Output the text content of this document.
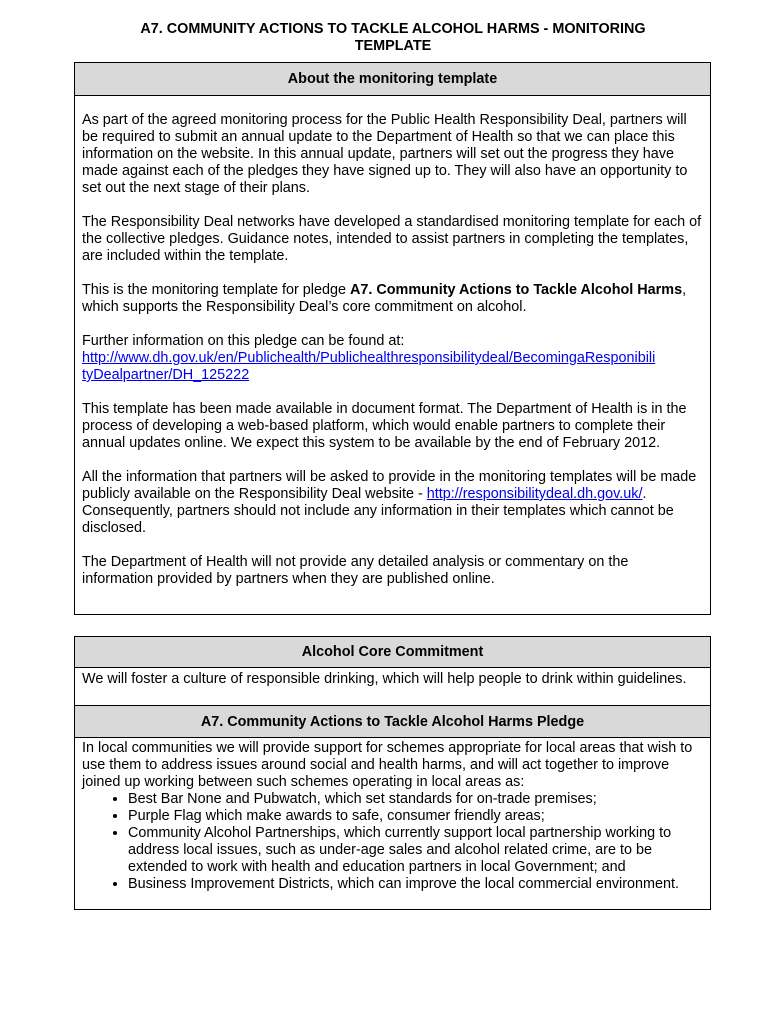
A7. COMMUNITY ACTIONS TO TACKLE ALCOHOL HARMS - MONITORING
TEMPLATE
About the monitoring template

As part of the agreed monitoring process for the Public Health Responsibility Deal, partners will be required to submit an annual update to the Department of Health so that we can place this information on the website. In this annual update, partners will set out the progress they have made against each of the pledges they have signed up to. They will also have an opportunity to set out the next stage of their plans.

The Responsibility Deal networks have developed a standardised monitoring template for each of the collective pledges. Guidance notes, intended to assist partners in completing the templates, are included within the template.

This is the monitoring template for pledge A7. Community Actions to Tackle Alcohol Harms, which supports the Responsibility Deal’s core commitment on alcohol.

Further information on this pledge can be found at:
http://www.dh.gov.uk/en/Publichealth/Publichealthresponsibilitydeal/BecomingaResponibili
tyDealpartner/DH_125222

This template has been made available in document format. The Department of Health is in the process of developing a web-based platform, which would enable partners to complete their annual updates online. We expect this system to be available by the end of February 2012.

All the information that partners will be asked to provide in the monitoring templates will be made publicly available on the Responsibility Deal website - http://responsibilitydeal.dh.gov.uk/. Consequently, partners should not include any information in their templates which cannot be disclosed.

The Department of Health will not provide any detailed analysis or commentary on the information provided by partners when they are published online.

Alcohol Core Commitment
We will foster a culture of responsible drinking, which will help people to drink within guidelines.
A7. Community Actions to Tackle Alcohol Harms Pledge
In local communities we will provide support for schemes appropriate for local areas that wish to use them to address issues around social and health harms, and will act together to improve joined up working between such schemes operating in local areas as:
• Best Bar None and Pubwatch, which set standards for on-trade premises;
• Purple Flag which make awards to safe, consumer friendly areas;
• Community Alcohol Partnerships, which currently support local partnership working to address local issues, such as under-age sales and alcohol related crime, are to be extended to work with health and education partners in local Government; and
• Business Improvement Districts, which can improve the local commercial environment.
